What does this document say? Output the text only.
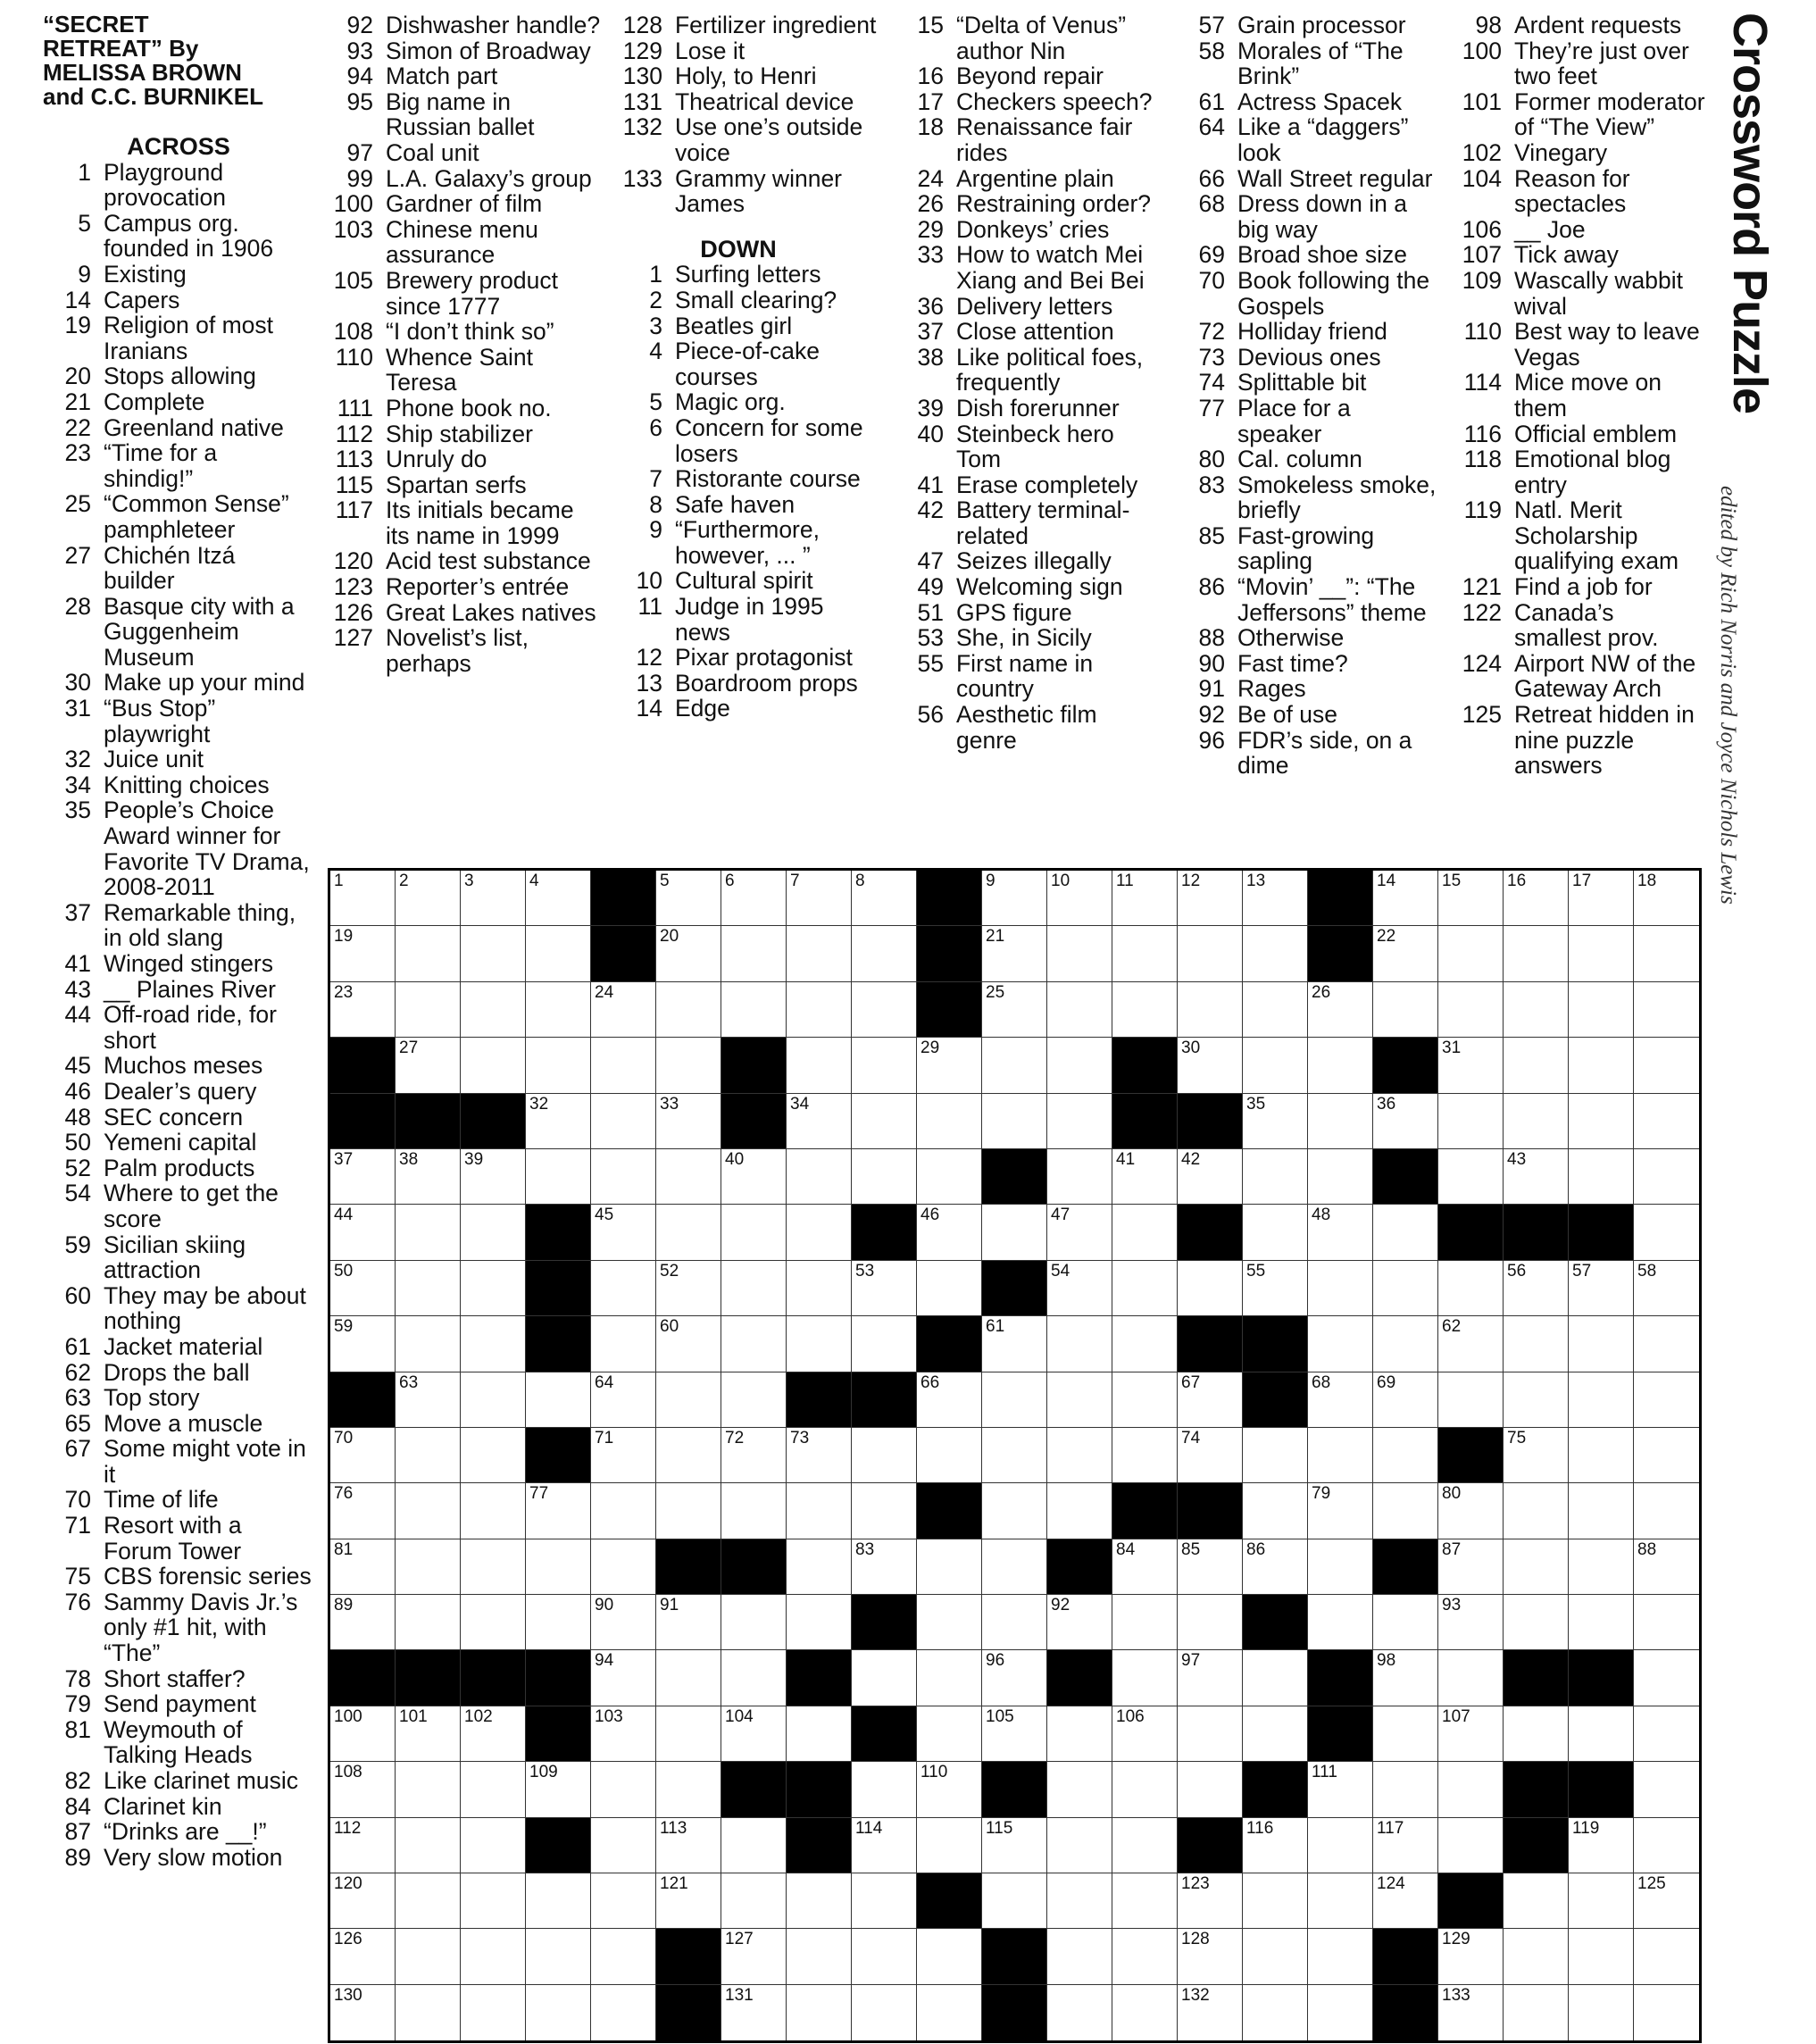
“SECRET
RETREAT” By
MELISSA BROWN
and C.C. BURNIKEL
ACROSS
1 Playground provocation
5 Campus org. founded in 1906
9 Existing
14 Capers
19 Religion of most Iranians
20 Stops allowing
21 Complete
22 Greenland native
23 “Time for a shindig!”
25 “Common Sense” pamphleteer
27 Chichén Itzá builder
28 Basque city with a Guggenheim Museum
30 Make up your mind
31 “Bus Stop” playwright
32 Juice unit
34 Knitting choices
35 People’s Choice Award winner for Favorite TV Drama, 2008-2011
37 Remarkable thing, in old slang
41 Winged stingers
43 __ Plaines River
44 Off-road ride, for short
45 Muchos meses
46 Dealer’s query
48 SEC concern
50 Yemeni capital
52 Palm products
54 Where to get the score
59 Sicilian skiing attraction
60 They may be about nothing
61 Jacket material
62 Drops the ball
63 Top story
65 Move a muscle
67 Some might vote in it
70 Time of life
71 Resort with a Forum Tower
75 CBS forensic series
76 Sammy Davis Jr.’s only #1 hit, with “The”
78 Short staffer?
79 Send payment
81 Weymouth of Talking Heads
82 Like clarinet music
84 Clarinet kin
87 “Drinks are __!”
89 Very slow motion
92 Dishwasher handle?
93 Simon of Broadway
94 Match part
95 Big name in Russian ballet
97 Coal unit
99 L.A. Galaxy’s group
100 Gardner of film
103 Chinese menu assurance
105 Brewery product since 1777
108 “I don’t think so”
110 Whence Saint Teresa
111 Phone book no.
112 Ship stabilizer
113 Unruly do
115 Spartan serfs
117 Its initials became its name in 1999
120 Acid test substance
123 Reporter’s entrée
126 Great Lakes natives
127 Novelist’s list, perhaps
128 Fertilizer ingredient
129 Lose it
130 Holy, to Henri
131 Theatrical device
132 Use one’s outside voice
133 Grammy winner James
DOWN
1 Surfing letters
2 Small clearing?
3 Beatles girl
4 Piece-of-cake courses
5 Magic org.
6 Concern for some losers
7 Ristorante course
8 Safe haven
9 “Furthermore, however, ... ”
10 Cultural spirit
11 Judge in 1995 news
12 Pixar protagonist
13 Boardroom props
14 Edge
15 “Delta of Venus” author Nin
16 Beyond repair
17 Checkers speech?
18 Renaissance fair rides
24 Argentine plain
26 Restraining order?
29 Donkeys’ cries
33 How to watch Mei Xiang and Bei Bei
36 Delivery letters
37 Close attention
38 Like political foes, frequently
39 Dish forerunner
40 Steinbeck hero Tom
41 Erase completely
42 Battery terminal-related
47 Seizes illegally
49 Welcoming sign
51 GPS figure
53 She, in Sicily
55 First name in country
56 Aesthetic film genre
57 Grain processor
58 Morales of “The Brink”
61 Actress Spacek
64 Like a “daggers” look
66 Wall Street regular
68 Dress down in a big way
69 Broad shoe size
70 Book following the Gospels
72 Holliday friend
73 Devious ones
74 Splittable bit
77 Place for a speaker
80 Cal. column
83 Smokeless smoke, briefly
85 Fast-growing sapling
86 “Movin’ __”: “The Jeffersons” theme
88 Otherwise
90 Fast time?
91 Rages
92 Be of use
96 FDR’s side, on a dime
98 Ardent requests
100 They’re just over two feet
101 Former moderator of “The View”
102 Vinegary
104 Reason for spectacles
106 __ Joe
107 Tick away
109 Wascally wabbit wival
110 Best way to leave Vegas
114 Mice move on them
116 Official emblem
118 Emotional blog entry
119 Natl. Merit Scholarship qualifying exam
121 Find a job for
122 Canada’s smallest prov.
124 Airport NW of the Gateway Arch
125 Retreat hidden in nine puzzle answers
Crossword Puzzle
edited by Rich Norris and Joyce Nichols Lewis
1	2	3	4	5	6	7	8	9	10	11	12	13	14	15	16	17	18
19	20	21	22
23	24	25	26
27	29	30	31
32	33	34	35	36
37	38	39	40	41	42	43
44	45	46	47	48
50	52	53	54	55	56	57	58
59	60	61	62
63	64	66	67	68	69
70	71	72	73	74	75
76	77	79	80
81	83	84	85	86	87	88
89	90	91	92	93
94	96	97	98
100 101 102	103	104	105	106	107
108	109	110	111
112	113	114	115	116	117	119
120	121	123	124	125
126	127	128	129
130	131	132	133
